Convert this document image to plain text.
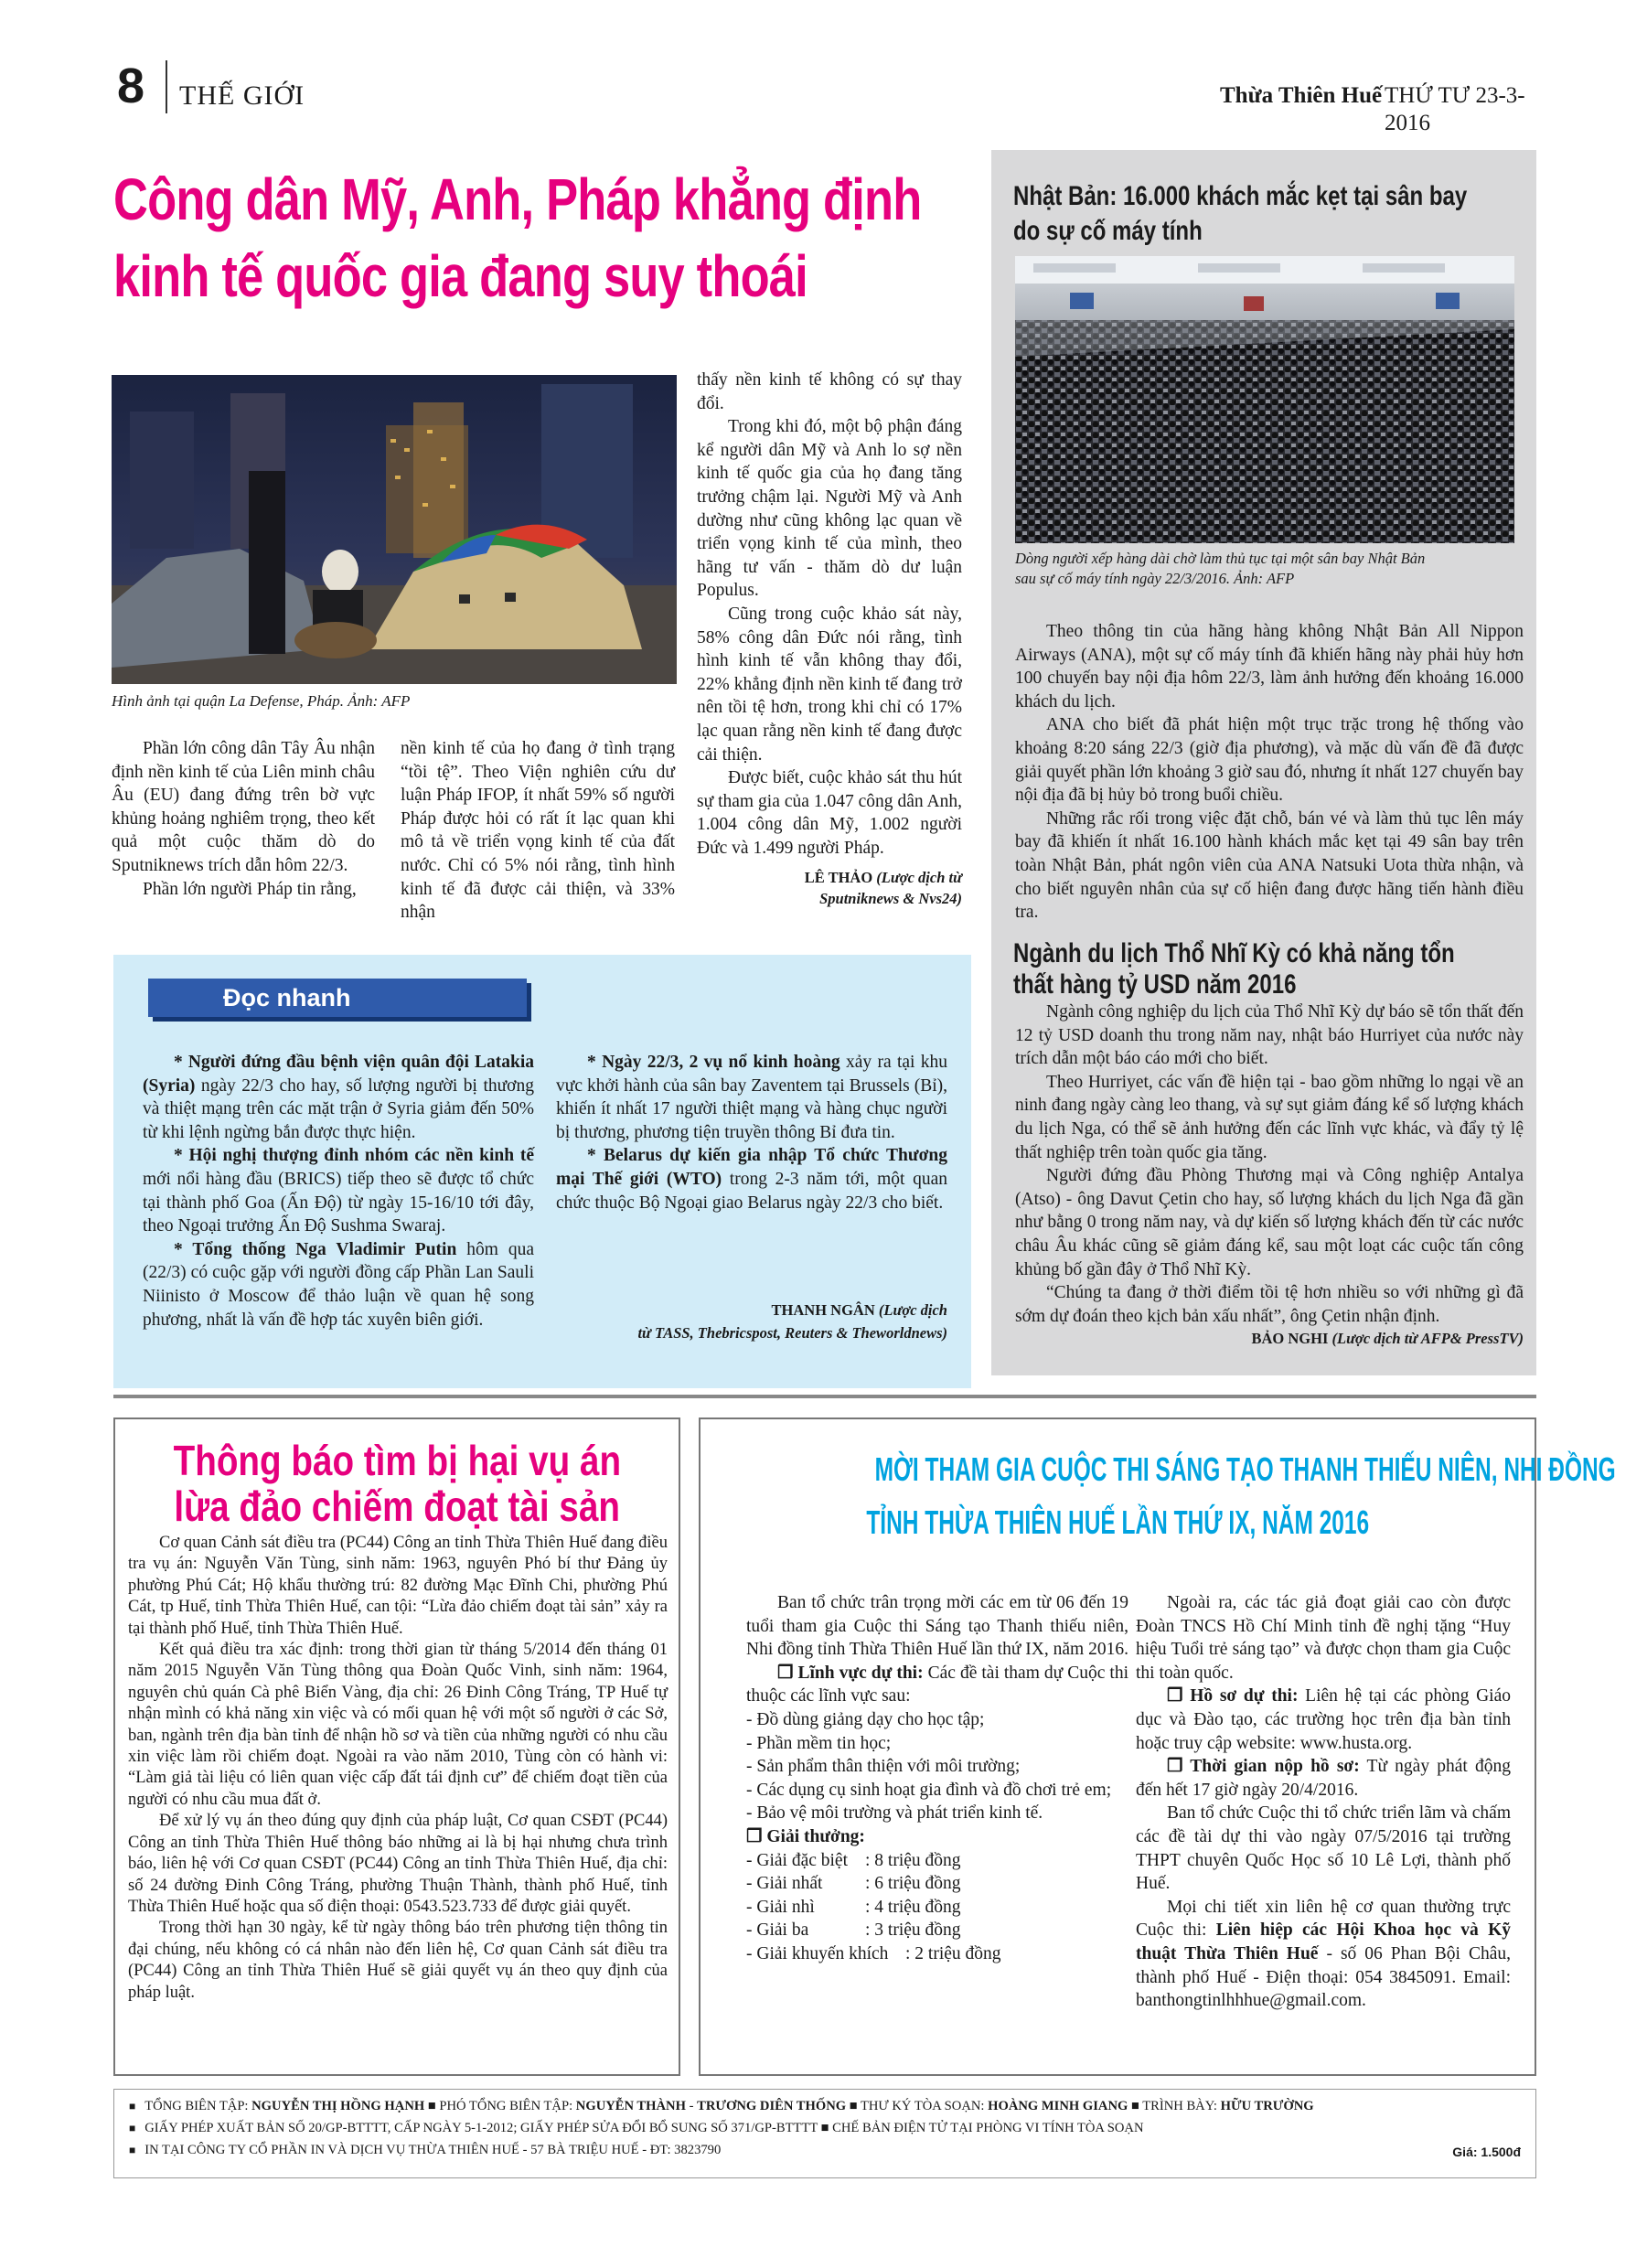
8 THẾ GIỚI	Thừa Thiên Huế THỨ TƯ 23-3-2016
Công dân Mỹ, Anh, Pháp khẳng định
kinh tế quốc gia đang suy thoái
Hình ảnh tại quận La Defense, Pháp. Ảnh: AFP

Phần lớn công dân Tây Âu nhận định nền kinh tế của Liên minh châu Âu (EU) đang đứng trên bờ vực khủng hoảng nghiêm trọng, theo kết quả một cuộc thăm dò do Sputniknews trích dẫn hôm 22/3.

Phần lớn người Pháp tin rằng,

nền kinh tế của họ đang ở tình trạng “tồi tệ”. Theo Viện nghiên cứu dư luận Pháp IFOP, ít nhất 59% số người Pháp được hỏi có rất ít lạc quan khi mô tả về triển vọng kinh tế của đất nước. Chỉ có 5% nói rằng, tình hình kinh tế đã được cải thiện, và 33% nhận

thấy nền kinh tế không có sự thay đổi.

Trong khi đó, một bộ phận đáng kể người dân Mỹ và Anh lo sợ nền kinh tế quốc gia của họ đang tăng trưởng chậm lại. Người Mỹ và Anh dường như cũng không lạc quan về triển vọng kinh tế của mình, theo hãng tư vấn - thăm dò dư luận Populus.

Cũng trong cuộc khảo sát này, 58% công dân Đức nói rằng, tình hình kinh tế vẫn không thay đổi, 22% khẳng định nền kinh tế đang trở nên tồi tệ hơn, trong khi chỉ có 17% lạc quan rằng nền kinh tế đang được cải thiện.

Được biết, cuộc khảo sát thu hút sự tham gia của 1.047 công dân Anh, 1.004 công dân Mỹ, 1.002 người Đức và 1.499 người Pháp.

LÊ THẢO (Lược dịch từ
Sputniknews & Nvs24)
Đọc nhanh

* Người đứng đầu bệnh viện quân đội Latakia (Syria) ngày 22/3 cho hay, số lượng người bị thương và thiệt mạng trên các mặt trận ở Syria giảm đến 50% từ khi lệnh ngừng bắn được thực hiện.

* Hội nghị thượng đỉnh nhóm các nền kinh tế mới nổi hàng đầu (BRICS) tiếp theo sẽ được tổ chức tại thành phố Goa (Ấn Độ) từ ngày 15-16/10 tới đây, theo Ngoại trưởng Ấn Độ Sushma Swaraj.

* Tổng thống Nga Vladimir Putin hôm qua (22/3) có cuộc gặp với người đồng cấp Phần Lan Sauli Niinisto ở Moscow để thảo luận về quan hệ song phương, nhất là vấn đề hợp tác xuyên biên giới.

* Ngày 22/3, 2 vụ nổ kinh hoàng xảy ra tại khu vực khởi hành của sân bay Zaventem tại Brussels (Bỉ), khiến ít nhất 17 người thiệt mạng và hàng chục người bị thương, phương tiện truyền thông Bỉ đưa tin.

* Belarus dự kiến gia nhập Tổ chức Thương mại Thế giới (WTO) trong 2-3 năm tới, một quan chức thuộc Bộ Ngoại giao Belarus ngày 22/3 cho biết.

THANH NGÂN (Lược dịch
từ TASS, Thebricspost, Reuters & Theworldnews)
Nhật Bản: 16.000 khách mắc kẹt tại sân bay
do sự cố máy tính
Dòng người xếp hàng dài chờ làm thủ tục tại một sân bay Nhật Bản
sau sự cố máy tính ngày 22/3/2016. Ảnh: AFP

Theo thông tin của hãng hàng không Nhật Bản All Nippon Airways (ANA), một sự cố máy tính đã khiến hãng này phải hủy hơn 100 chuyến bay nội địa hôm 22/3, làm ảnh hưởng đến khoảng 16.000 khách du lịch.

ANA cho biết đã phát hiện một trục trặc trong hệ thống vào khoảng 8:20 sáng 22/3 (giờ địa phương), và mặc dù vấn đề đã được giải quyết phần lớn khoảng 3 giờ sau đó, nhưng ít nhất 127 chuyến bay nội địa đã bị hủy bỏ trong buổi chiều.

Những rắc rối trong việc đặt chỗ, bán vé và làm thủ tục lên máy bay đã khiến ít nhất 16.100 hành khách mắc kẹt tại 49 sân bay trên toàn Nhật Bản, phát ngôn viên của ANA Natsuki Uota thừa nhận, và cho biết nguyên nhân của sự cố hiện đang được hãng tiến hành điều tra.

Ngành du lịch Thổ Nhĩ Kỳ có khả năng tổn
thất hàng tỷ USD năm 2016

Ngành công nghiệp du lịch của Thổ Nhĩ Kỳ dự báo sẽ tổn thất đến 12 tỷ USD doanh thu trong năm nay, nhật báo Hurriyet của nước này trích dẫn một báo cáo mới cho biết.

Theo Hurriyet, các vấn đề hiện tại - bao gồm những lo ngại về an ninh đang ngày càng leo thang, và sự sụt giảm đáng kể số lượng khách du lịch Nga, có thể sẽ ảnh hưởng đến các lĩnh vực khác, và đẩy tỷ lệ thất nghiệp trên toàn quốc gia tăng.

Người đứng đầu Phòng Thương mại và Công nghiệp Antalya (Atso) - ông Davut Çetin cho hay, số lượng khách du lịch Nga đã gần như bằng 0 trong năm nay, và dự kiến số lượng khách đến từ các nước châu Âu khác cũng sẽ giảm đáng kể, sau một loạt các cuộc tấn công khủng bố gần đây ở Thổ Nhĩ Kỳ.

“Chúng ta đang ở thời điểm tồi tệ hơn nhiều so với những gì đã sớm dự đoán theo kịch bản xấu nhất”, ông Çetin nhận định.

BẢO NGHI (Lược dịch từ AFP& PressTV)
Thông báo tìm bị hại vụ án
lừa đảo chiếm đoạt tài sản

Cơ quan Cảnh sát điều tra (PC44) Công an tỉnh Thừa Thiên Huế đang điều tra vụ án: Nguyễn Văn Tùng, sinh năm: 1963, nguyên Phó bí thư Đảng ủy phường Phú Cát; Hộ khẩu thường trú: 82 đường Mạc Đĩnh Chi, phường Phú Cát, tp Huế, tỉnh Thừa Thiên Huế, can tội: “Lừa đảo chiếm đoạt tài sản” xảy ra tại thành phố Huế, tỉnh Thừa Thiên Huế.

Kết quả điều tra xác định: trong thời gian từ tháng 5/2014 đến tháng 01 năm 2015 Nguyễn Văn Tùng thông qua Đoàn Quốc Vinh, sinh năm: 1964, nguyên chủ quán Cà phê Biển Vàng, địa chỉ: 26 Đinh Công Tráng, TP Huế tự nhận mình có khả năng xin việc và có mối quan hệ với một số người ở các Sở, ban, ngành trên địa bàn tỉnh để nhận hồ sơ và tiền của những người có nhu cầu xin việc làm rồi chiếm đoạt. Ngoài ra vào năm 2010, Tùng còn có hành vi: “Làm giả tài liệu có liên quan việc cấp đất tái định cư” để chiếm đoạt tiền của người có nhu cầu mua đất ở.

Để xử lý vụ án theo đúng quy định của pháp luật, Cơ quan CSĐT (PC44) Công an tỉnh Thừa Thiên Huế thông báo những ai là bị hại nhưng chưa trình báo, liên hệ với Cơ quan CSĐT (PC44) Công an tỉnh Thừa Thiên Huế, địa chỉ: số 24 đường Đinh Công Tráng, phường Thuận Thành, thành phố Huế, tỉnh Thừa Thiên Huế hoặc qua số điện thoại: 0543.523.733 để được giải quyết.

Trong thời hạn 30 ngày, kể từ ngày thông báo trên phương tiện thông tin đại chúng, nếu không có cá nhân nào đến liên hệ, Cơ quan Cảnh sát điều tra (PC44) Công an tỉnh Thừa Thiên Huế sẽ giải quyết vụ án theo quy định của pháp luật.

MỜI THAM GIA CUỘC THI SÁNG TẠO THANH THIẾU NIÊN, NHI ĐỒNG
TỈNH THỪA THIÊN HUẾ LẦN THỨ IX, NĂM 2016

Ban tổ chức trân trọng mời các em từ 06 đến 19 tuổi tham gia Cuộc thi Sáng tạo Thanh thiếu niên, Nhi đồng tỉnh Thừa Thiên Huế lần thứ IX, năm 2016.

❒ Lĩnh vực dự thi: Các đề tài tham dự Cuộc thi thuộc các lĩnh vực sau:

- Đồ dùng giảng dạy cho học tập;

- Phần mềm tin học;

- Sản phẩm thân thiện với môi trường;

- Các dụng cụ sinh hoạt gia đình và đồ chơi trẻ em;

- Bảo vệ môi trường và phát triển kinh tế.

❒ Giải thưởng:

- Giải đặc biệt : 8 triệu đồng
- Giải nhất	: 6 triệu đồng
- Giải nhì	: 4 triệu đồng
- Giải ba	: 3 triệu đồng
- Giải khuyến khích : 2 triệu đồng

Ngoài ra, các tác giả đoạt giải cao còn được Đoàn TNCS Hồ Chí Minh tỉnh đề nghị tặng “Huy hiệu Tuổi trẻ sáng tạo” và được chọn tham gia Cuộc thi toàn quốc.

❒ Hồ sơ dự thi: Liên hệ tại các phòng Giáo dục và Đào tạo, các trường học trên địa bàn tỉnh hoặc truy cập website: www.husta.org.

❒ Thời gian nộp hồ sơ: Từ ngày phát động đến hết 17 giờ ngày 20/4/2016.

Ban tổ chức Cuộc thi tổ chức triển lãm và chấm các đề tài dự thi vào ngày 07/5/2016 tại trường THPT chuyên Quốc Học số 10 Lê Lợi, thành phố Huế.

Mọi chi tiết xin liên hệ cơ quan thường trực Cuộc thi: Liên hiệp các Hội Khoa học và Kỹ thuật Thừa Thiên Huế - số 06 Phan Bội Châu, thành phố Huế - Điện thoại: 054 3845091. Email: banthongtinlhhhue@gmail.com.

■ TỔNG BIÊN TẬP: NGUYỄN THỊ HỒNG HẠNH ■ PHÓ TỔNG BIÊN TẬP: NGUYỄN THÀNH - TRƯƠNG DIÊN THỐNG ■ THƯ KÝ TÒA SOẠN: HOÀNG MINH GIANG ■ TRÌNH BÀY: HỮU TRƯỜNG
■ GIẤY PHÉP XUẤT BẢN SỐ 20/GP-BTTTT, CẤP NGÀY 5-1-2012; GIẤY PHÉP SỬA ĐỔI BỔ SUNG SỐ 371/GP-BTTTT ■ CHẾ BẢN ĐIỆN TỬ TẠI PHÒNG VI TÍNH TÒA SOẠN
■ IN TẠI CÔNG TY CỔ PHẦN IN VÀ DỊCH VỤ THỪA THIÊN HUẾ - 57 BÀ TRIỆU HUẾ - ĐT: 3823790	Giá: 1.500đ
